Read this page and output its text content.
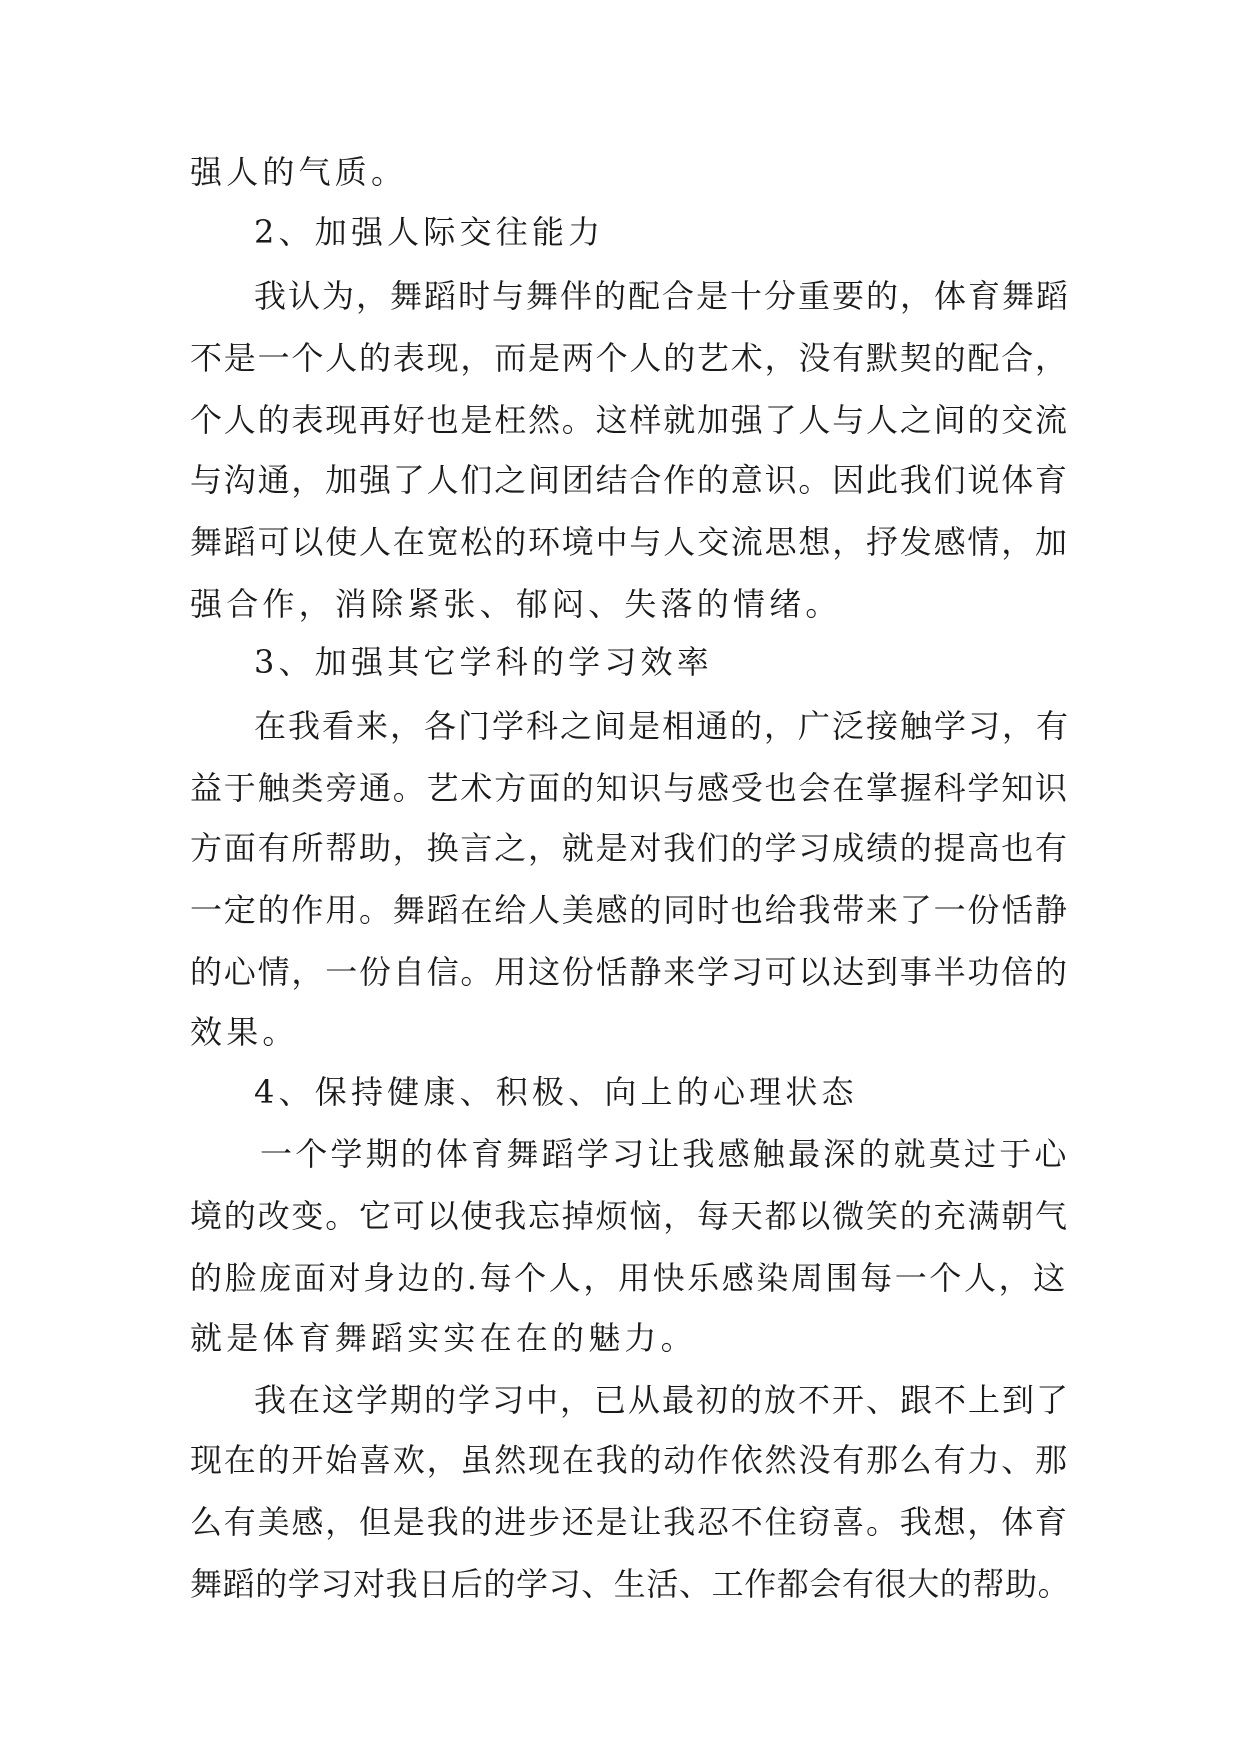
强人的气质。
2、加强人际交往能力
我认为，舞蹈时与舞伴的配合是十分重要的，体育舞蹈
不是一个人的表现，而是两个人的艺术，没有默契的配合，
个人的表现再好也是枉然。这样就加强了人与人之间的交流
与沟通，加强了人们之间团结合作的意识。因此我们说体育
舞蹈可以使人在宽松的环境中与人交流思想，抒发感情，加
强合作，消除紧张、郁闷、失落的情绪。
3、加强其它学科的学习效率
在我看来，各门学科之间是相通的，广泛接触学习，有
益于触类旁通。艺术方面的知识与感受也会在掌握科学知识
方面有所帮助，换言之，就是对我们的学习成绩的提高也有
一定的作用。舞蹈在给人美感的同时也给我带来了一份恬静
的心情，一份自信。用这份恬静来学习可以达到事半功倍的
效果。
4、保持健康、积极、向上的心理状态
一个学期的体育舞蹈学习让我感触最深的就莫过于心
境的改变。它可以使我忘掉烦恼，每天都以微笑的充满朝气
的脸庞面对身边的.每个人，用快乐感染周围每一个人，这
就是体育舞蹈实实在在的魅力。
我在这学期的学习中，已从最初的放不开、跟不上到了
现在的开始喜欢，虽然现在我的动作依然没有那么有力、那
么有美感，但是我的进步还是让我忍不住窃喜。我想，体育
舞蹈的学习对我日后的学习、生活、工作都会有很大的帮助。
